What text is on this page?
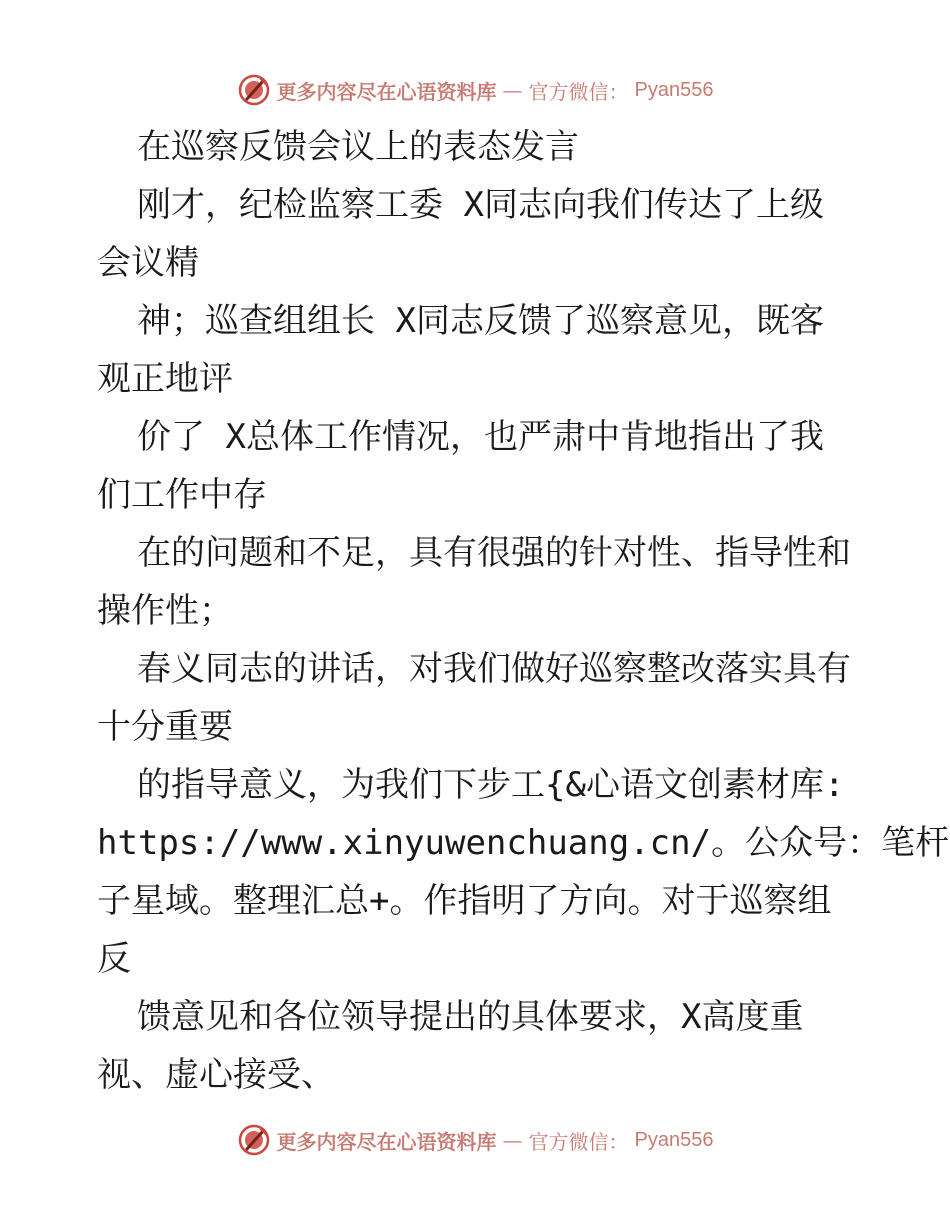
更多内容尽在心语资料库 — 官方微信： Pyan556
在巡察反馈会议上的表态发言
刚才，纪检监察工委 X同志向我们传达了上级
会议精
神；巡查组组长 X同志反馈了巡察意见，既客
观正地评
价了 X总体工作情况，也严肃中肯地指出了我
们工作中存
在的问题和不足，具有很强的针对性、指导性和
操作性；
春义同志的讲话，对我们做好巡察整改落实具有
十分重要
的指导意义，为我们下步工{&心语文创素材库:
https://www.xinyuwenchuang.cn/。公众号：笔杆
子星域。整理汇总+。作指明了方向。对于巡察组
反
馈意见和各位领导提出的具体要求，X高度重
视、虚心接受、
更多内容尽在心语资料库 — 官方微信： Pyan556
